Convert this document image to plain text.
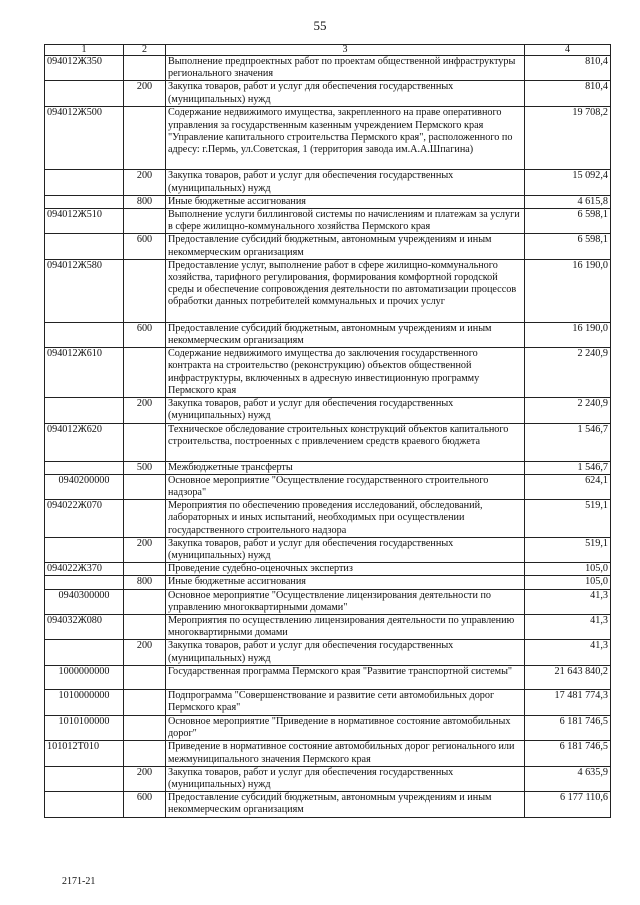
55
1	2	3	4
094012Ж350		Выполнение предпроектных работ по проектам общественной инфраструктуры регионального значения	810,4
	200	Закупка товаров, работ и услуг для обеспечения государственных (муниципальных) нужд	810,4
094012Ж500		Содержание недвижимого имущества, закрепленного на праве оперативного управления за государственным казенным учреждением Пермского края "Управление капитального строительства Пермского края", расположенного по адресу: г.Пермь, ул.Советская, 1 (территория завода им.А.А.Шпагина)	19 708,2
	200	Закупка товаров, работ и услуг для обеспечения государственных (муниципальных) нужд	15 092,4
	800	Иные бюджетные ассигнования	4 615,8
094012Ж510		Выполнение услуги биллинговой системы по начислениям и платежам за услуги в сфере жилищно-коммунального хозяйства Пермского края	6 598,1
	600	Предоставление субсидий бюджетным, автономным учреждениям и иным некоммерческим организациям	6 598,1
094012Ж580		Предоставление услуг, выполнение работ в сфере жилищно-коммунального хозяйства, тарифного регулирования, формирования комфортной городской среды и обеспечение сопровождения деятельности по автоматизации процессов обработки данных потребителей коммунальных и прочих услуг	16 190,0
	600	Предоставление субсидий бюджетным, автономным учреждениям и иным некоммерческим организациям	16 190,0
094012Ж610		Содержание недвижимого имущества до заключения государственного контракта на строительство (реконструкцию) объектов общественной инфраструктуры, включенных в адресную инвестиционную программу Пермского края	2 240,9
	200	Закупка товаров, работ и услуг для обеспечения государственных (муниципальных) нужд	2 240,9
094012Ж620		Техническое обследование строительных конструкций объектов капитального строительства, построенных с привлечением средств краевого бюджета	1 546,7
	500	Межбюджетные трансферты	1 546,7
0940200000		Основное мероприятие "Осуществление государственного строительного надзора"	624,1
094022Ж070		Мероприятия по обеспечению проведения исследований, обследований, лабораторных и иных испытаний, необходимых при осуществлении государственного строительного надзора	519,1
	200	Закупка товаров, работ и услуг для обеспечения государственных (муниципальных) нужд	519,1
094022Ж370		Проведение судебно-оценочных экспертиз	105,0
	800	Иные бюджетные ассигнования	105,0
0940300000		Основное мероприятие "Осуществление лицензирования деятельности по управлению многоквартирными домами"	41,3
094032Ж080		Мероприятия по осуществлению лицензирования деятельности по управлению многоквартирными домами	41,3
	200	Закупка товаров, работ и услуг для обеспечения государственных (муниципальных) нужд	41,3
1000000000		Государственная программа Пермского края "Развитие транспортной системы"	21 643 840,2
1010000000		Подпрограмма "Совершенствование и развитие сети автомобильных дорог Пермского края"	17 481 774,3
1010100000		Основное мероприятие "Приведение в нормативное состояние автомобильных дорог"	6 181 746,5
101012Т010		Приведение в нормативное состояние автомобильных дорог регионального или межмуниципального значения Пермского края	6 181 746,5
	200	Закупка товаров, работ и услуг для обеспечения государственных (муниципальных) нужд	4 635,9
	600	Предоставление субсидий бюджетным, автономным учреждениям и иным некоммерческим организациям	6 177 110,6
2171-21
